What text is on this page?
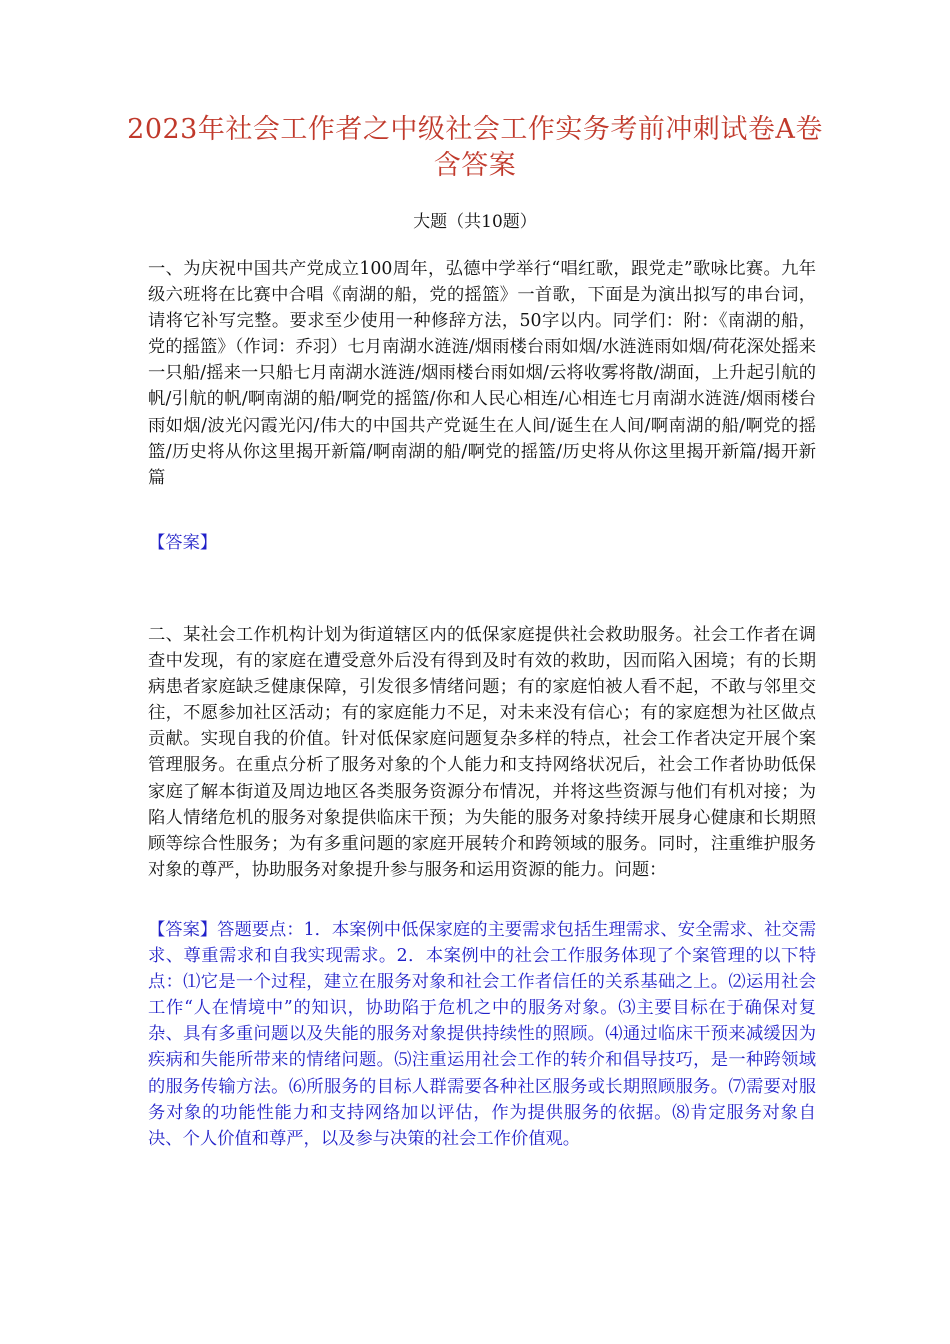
2023年社会工作者之中级社会工作实务考前冲刺试卷A卷含答案
大题（共10题）

一、为庆祝中国共产党成立100周年，弘德中学举行“唱红歌，跟党走”歌咏比赛。九年级六班将在比赛中合唱《南湖的船，党的摇篮》一首歌，下面是为演出拟写的串台词，请将它补写完整。要求至少使用一种修辞方法，50字以内。同学们：附：《南湖的船，党的摇篮》（作词：乔羽）七月南湖水涟涟/烟雨楼台雨如烟/水涟涟雨如烟/荷花深处摇来一只船/摇来一只船七月南湖水涟涟/烟雨楼台雨如烟/云将收雾将散/湖面，上升起引航的帆/引航的帆/啊南湖的船/啊党的摇篮/你和人民心相连/心相连七月南湖水涟涟/烟雨楼台雨如烟/波光闪霞光闪/伟大的中国共产党诞生在人间/诞生在人间/啊南湖的船/啊党的摇篮/历史将从你这里揭开新篇/啊南湖的船/啊党的摇篮/历史将从你这里揭开新篇/揭开新篇

【答案】

二、某社会工作机构计划为街道辖区内的低保家庭提供社会救助服务。社会工作者在调查中发现，有的家庭在遭受意外后没有得到及时有效的救助，因而陷入困境；有的长期病患者家庭缺乏健康保障，引发很多情绪问题；有的家庭怕被人看不起，不敢与邻里交往，不愿参加社区活动；有的家庭能力不足，对未来没有信心；有的家庭想为社区做点贡献。实现自我的价值。针对低保家庭问题复杂多样的特点，社会工作者决定开展个案管理服务。在重点分析了服务对象的个人能力和支持网络状况后，社会工作者协助低保家庭了解本街道及周边地区各类服务资源分布情况，并将这些资源与他们有机对接；为陷人情绪危机的服务对象提供临床干预；为失能的服务对象持续开展身心健康和长期照顾等综合性服务；为有多重问题的家庭开展转介和跨领域的服务。同时，注重维护服务对象的尊严，协助服务对象提升参与服务和运用资源的能力。问题：

【答案】答题要点：1．本案例中低保家庭的主要需求包括生理需求、安全需求、社交需求、尊重需求和自我实现需求。2．本案例中的社会工作服务体现了个案管理的以下特点：⑴它是一个过程，建立在服务对象和社会工作者信任的关系基础之上。⑵运用社会工作“人在情境中”的知识，协助陷于危机之中的服务对象。⑶主要目标在于确保对复杂、具有多重问题以及失能的服务对象提供持续性的照顾。⑷通过临床干预来减缓因为疾病和失能所带来的情绪问题。⑸注重运用社会工作的转介和倡导技巧，是一种跨领域的服务传输方法。⑹所服务的目标人群需要各种社区服务或长期照顾服务。⑺需要对服务对象的功能性能力和支持网络加以评估，作为提供服务的依据。⑻肯定服务对象自决、个人价值和尊严，以及参与决策的社会工作价值观。
